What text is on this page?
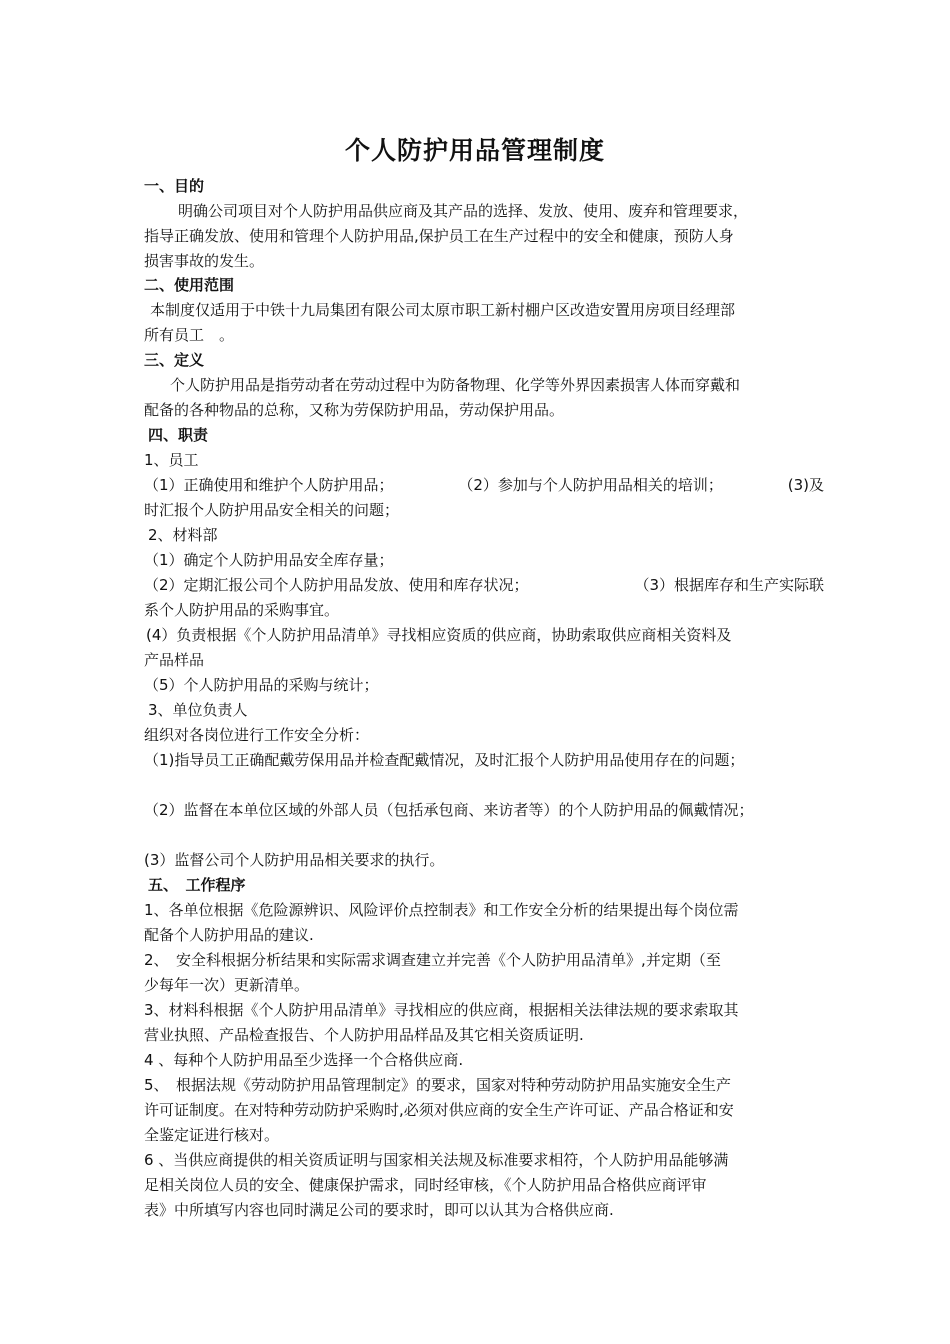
个人防护用品管理制度
一、目的
明确公司项目对个人防护用品供应商及其产品的选择、发放、使用、废弃和管理要求，
指导正确发放、使用和管理个人防护用品,保护员工在生产过程中的安全和健康，预防人身
损害事故的发生。
二、使用范围
本制度仅适用于中铁十九局集团有限公司太原市职工新村棚户区改造安置用房项目经理部
所有员工　。
三、定义
个人防护用品是指劳动者在劳动过程中为防备物理、化学等外界因素损害人体而穿戴和
配备的各种物品的总称，又称为劳保防护用品，劳动保护用品。
四、职责
1、员工
（1）正确使用和维护个人防护用品；	（2）参加与个人防护用品相关的培训；	(3)及
时汇报个人防护用品安全相关的问题；
2、材料部
（1）确定个人防护用品安全库存量；
（2）定期汇报公司个人防护用品发放、使用和库存状况；	（3）根据库存和生产实际联
系个人防护用品的采购事宜。
(4）负责根据《个人防护用品清单》寻找相应资质的供应商，协助索取供应商相关资料及
产品样品
（5）个人防护用品的采购与统计；
3、单位负责人
组织对各岗位进行工作安全分析：
（1)指导员工正确配戴劳保用品并检查配戴情况，及时汇报个人防护用品使用存在的问题；
（2）监督在本单位区域的外部人员（包括承包商、来访者等）的个人防护用品的佩戴情况；
(3）监督公司个人防护用品相关要求的执行。
五、　工作程序
1、各单位根据《危险源辨识、风险评价点控制表》和工作安全分析的结果提出每个岗位需
配备个人防护用品的建议.
2、　安全科根据分析结果和实际需求调查建立并完善《个人防护用品清单》,并定期（至
少每年一次）更新清单。
3、材料科根据《个人防护用品清单》寻找相应的供应商，根据相关法律法规的要求索取其
营业执照、产品检查报告、个人防护用品样品及其它相关资质证明.
4 、每种个人防护用品至少选择一个合格供应商.
5、　根据法规《劳动防护用品管理制定》的要求，国家对特种劳动防护用品实施安全生产
许可证制度。在对特种劳动防护采购时,必须对供应商的安全生产许可证、产品合格证和安
全鉴定证进行核对。
6 、当供应商提供的相关资质证明与国家相关法规及标准要求相符，个人防护用品能够满
足相关岗位人员的安全、健康保护需求，同时经审核，《个人防护用品合格供应商评审
表》中所填写内容也同时满足公司的要求时，即可以认其为合格供应商.
